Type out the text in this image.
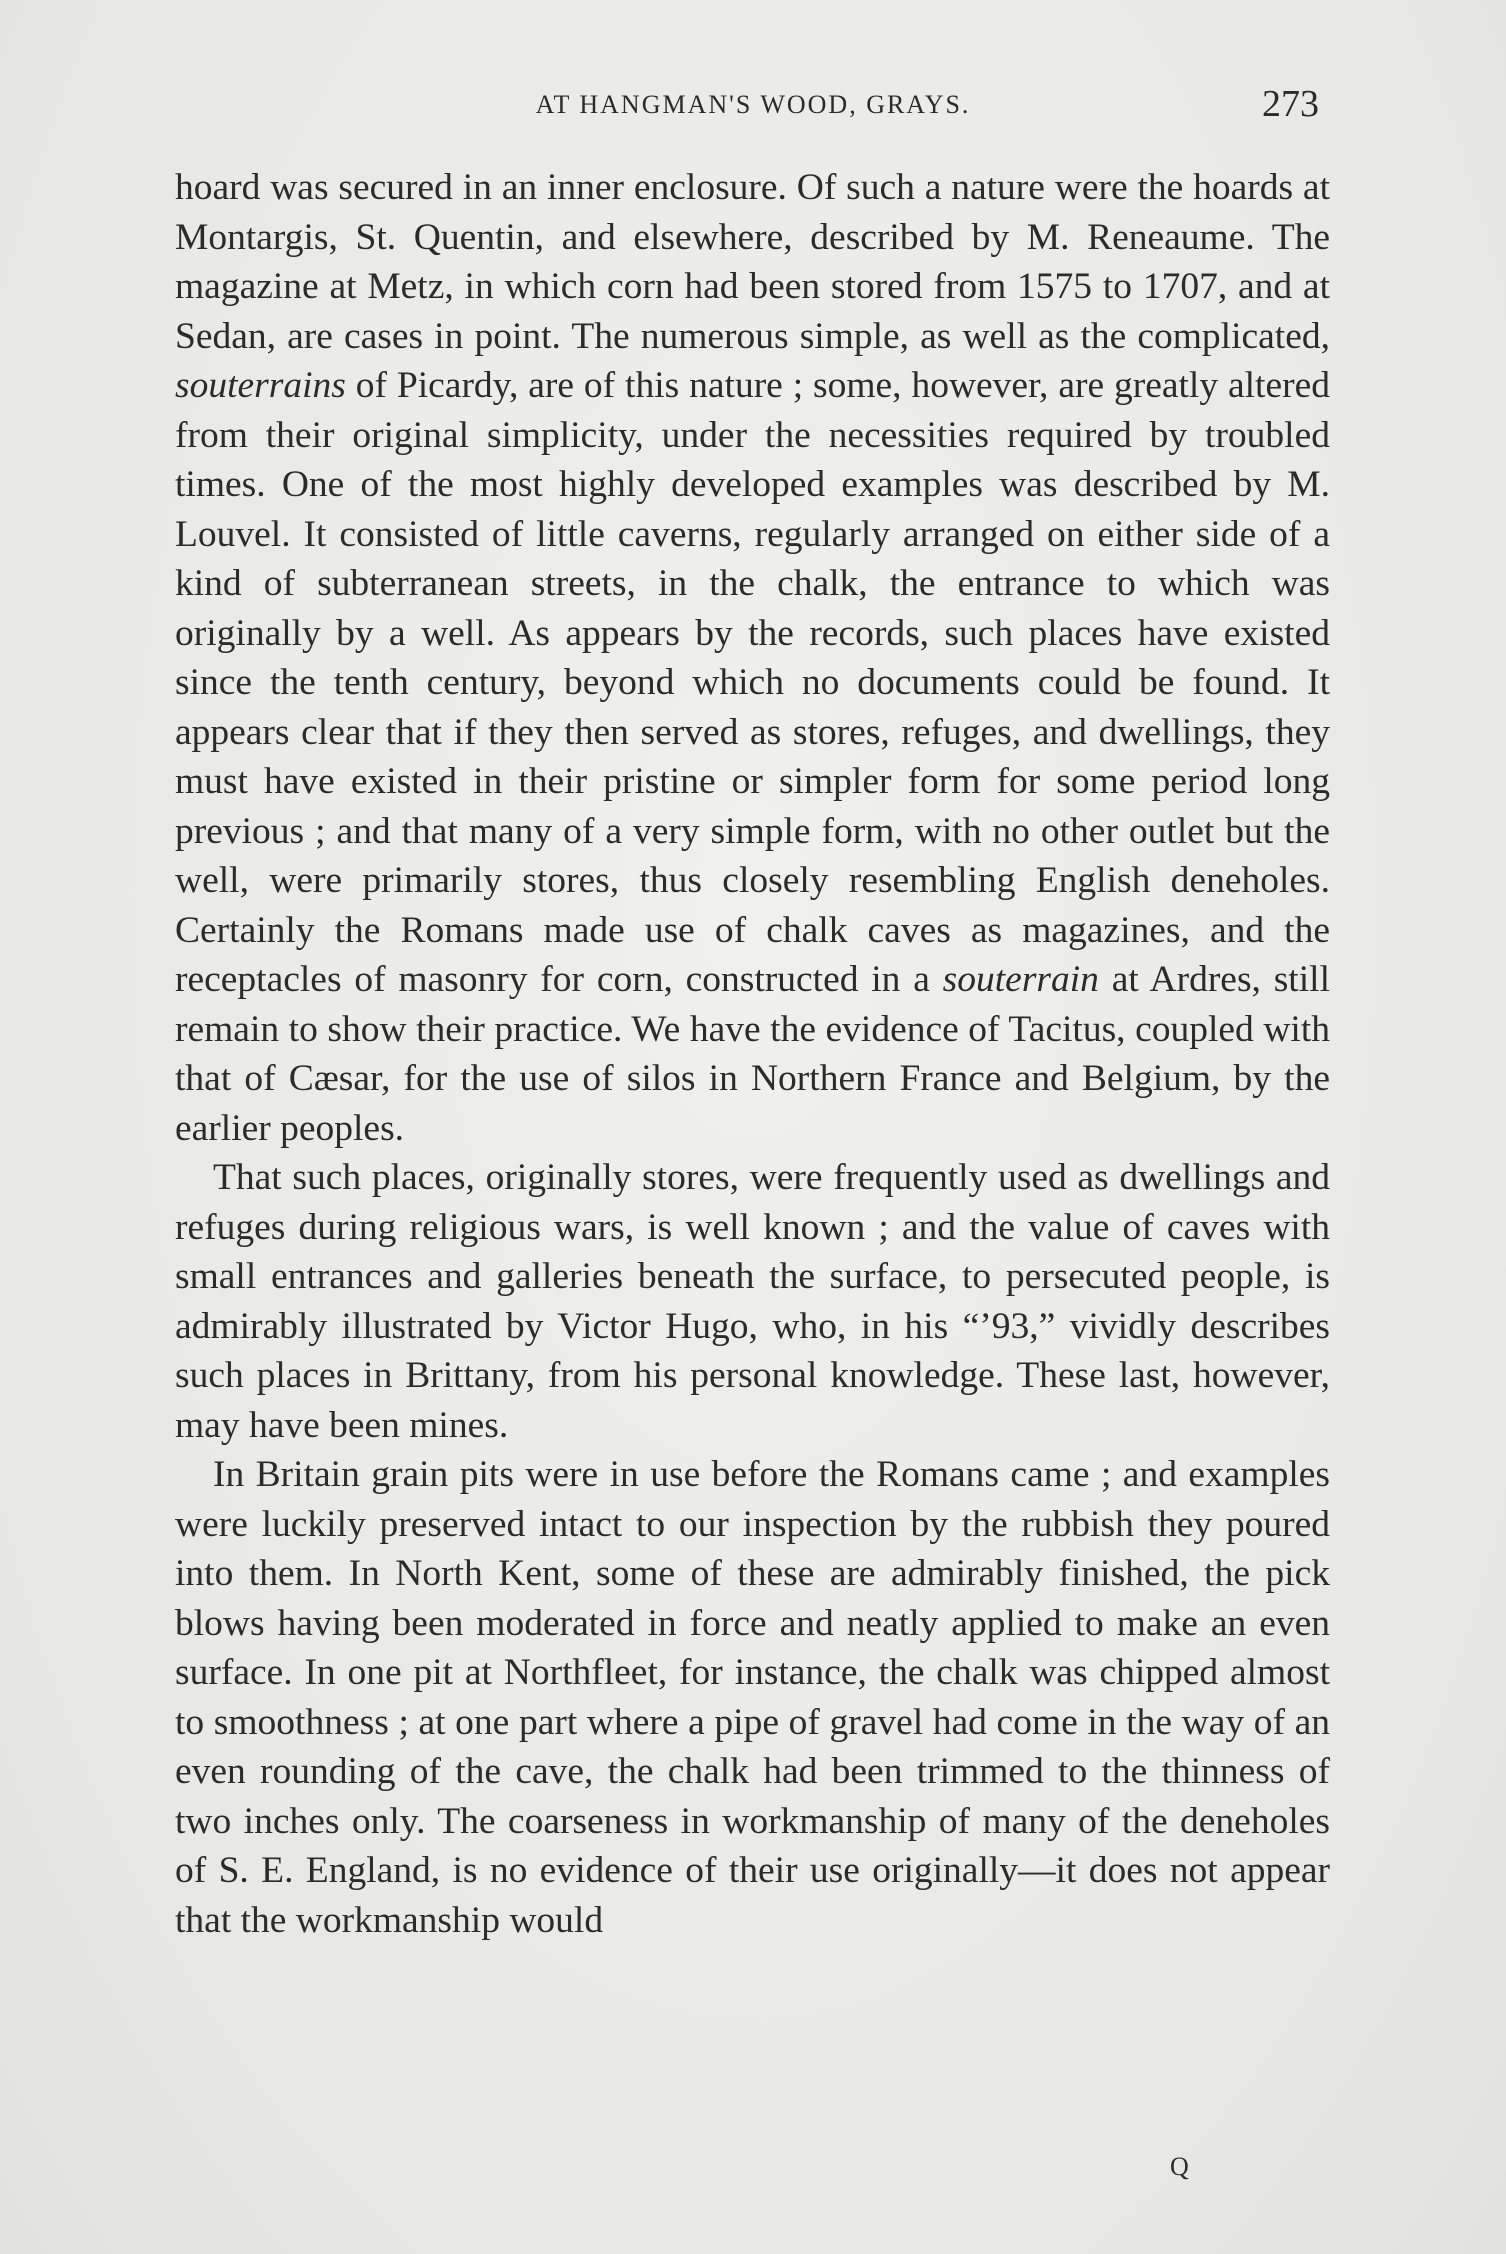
AT HANGMAN'S WOOD, GRAYS.	273

hoard was secured in an inner enclosure. Of such a nature were the hoards at Montargis, St. Quentin, and elsewhere, described by M. Reneaume. The magazine at Metz, in which corn had been stored from 1575 to 1707, and at Sedan, are cases in point. The numerous simple, as well as the complicated, souterrains of Picardy, are of this nature ; some, however, are greatly altered from their original simplicity, under the necessities required by troubled times. One of the most highly developed examples was described by M. Louvel. It consisted of little caverns, regularly arranged on either side of a kind of subterranean streets, in the chalk, the entrance to which was originally by a well. As appears by the records, such places have existed since the tenth century, beyond which no documents could be found. It appears clear that if they then served as stores, refuges, and dwellings, they must have existed in their pristine or simpler form for some period long previous ; and that many of a very simple form, with no other outlet but the well, were primarily stores, thus closely resembling English deneholes. Certainly the Romans made use of chalk caves as magazines, and the receptacles of masonry for corn, constructed in a souterrain at Ardres, still remain to show their practice. We have the evidence of Tacitus, coupled with that of Cæsar, for the use of silos in Northern France and Belgium, by the earlier peoples.

That such places, originally stores, were frequently used as dwellings and refuges during religious wars, is well known ; and the value of caves with small entrances and galleries beneath the surface, to persecuted people, is admirably illustrated by Victor Hugo, who, in his “’93,” vividly describes such places in Brittany, from his personal knowledge. These last, however, may have been mines.

In Britain grain pits were in use before the Romans came ; and examples were luckily preserved intact to our inspection by the rubbish they poured into them. In North Kent, some of these are admirably finished, the pick blows having been moderated in force and neatly applied to make an even surface. In one pit at Northfleet, for instance, the chalk was chipped almost to smoothness ; at one part where a pipe of gravel had come in the way of an even rounding of the cave, the chalk had been trimmed to the thinness of two inches only. The coarseness in workmanship of many of the deneholes of S. E. England, is no evidence of their use originally—it does not appear that the workmanship would

Q
